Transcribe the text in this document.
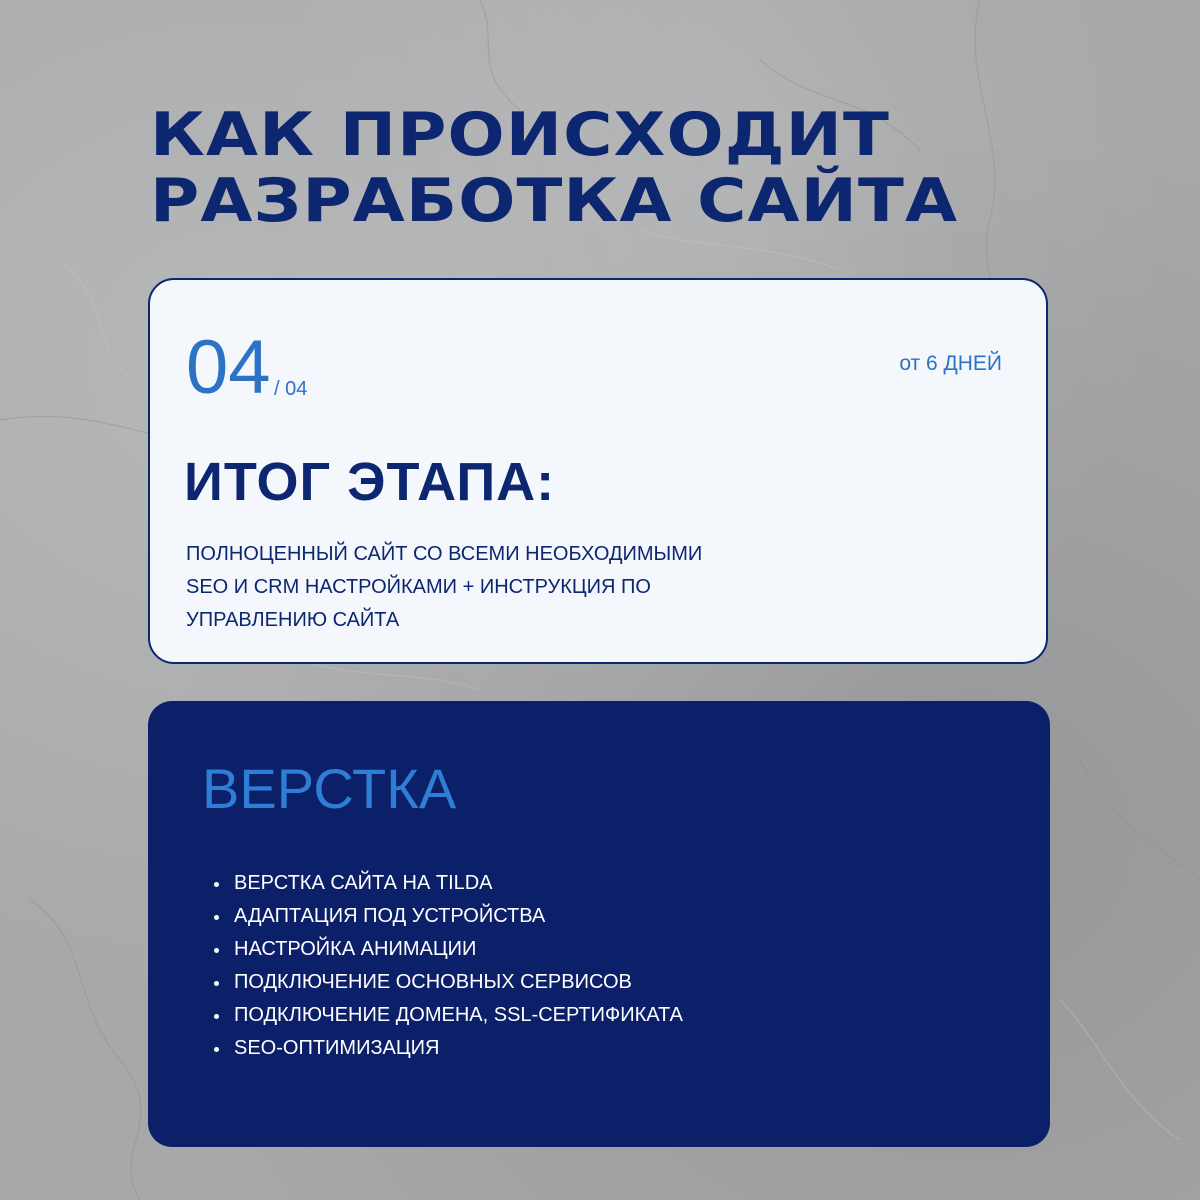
КАК ПРОИСХОДИТ
РАЗРАБОТКА САЙТА
04 / 04
от 6 ДНЕЙ
ИТОГ ЭТАПА:

ПОЛНОЦЕННЫЙ САЙТ СО ВСЕМИ НЕОБХОДИМЫМИ
SEO И CRM НАСТРОЙКАМИ + ИНСТРУКЦИЯ ПО
УПРАВЛЕНИЮ САЙТА

ВЕРСТКА
ВЕРСТКА САЙТА НА TILDA
АДАПТАЦИЯ ПОД УСТРОЙСТВА
НАСТРОЙКА АНИМАЦИИ
ПОДКЛЮЧЕНИЕ ОСНОВНЫХ СЕРВИСОВ
ПОДКЛЮЧЕНИЕ ДОМЕНА, SSL-СЕРТИФИКАТА
SEO-ОПТИМИЗАЦИЯ
